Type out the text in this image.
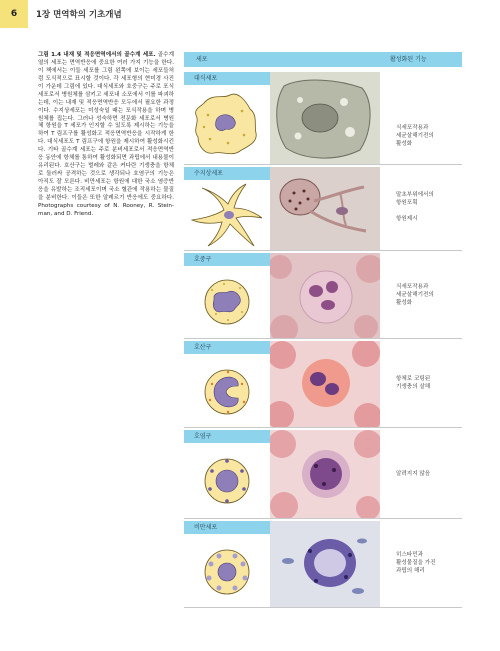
6	1장 면역학의 기초개념
그림 1.4 내재 및 적응면역에서의 골수계 세포. 골수계열의 세포는 면역반응에 중요한 여러 가지 기능을 한다. 이 책에서는 이들 세포를 그림 왼쪽에 보이는 세포들처럼 도식적으로 표시할 것이다. 각 세포형의 현미경 사진이 가운데 그림에 있다. 대식세포와 호중구는 주로 포식세포로서 병원체를 삼키고 세포내 소포에서 이를 파괴하는데, 이는 내재 및 적응면역반응 모두에서 필요한 과정이다. 수지상세포는 미성숙일 때는 포식작용을 하며 병원체를 집는다. 그러나 성숙하면 전문화 세포로서 병원체 항원을 T 세포가 인지할 수 있도록 제시하는 기능을 하여 T 림프구를 활성화고 적응면역반응을 시작하게 한다. 대식세포도 T 림프구에 항원을 제시하여 활성화시킨다. 기타 골수계 세포는 주로 분비세포로서 적응면역반응 동안에 항체를 통하여 활성화되면 과립에서 내용물이 유리된다. 호산구는 벌레와 같은 커다란 기생충을 항체로 둘러싸 공격하는 것으로 생각되나 호염구의 기능은 아직도 잘 모른다. 비만세포는 항원에 대한 국소 염증반응을 유발하는 조직세포이며 국소 혈관에 작용하는 물질을 분비한다. 이들은 또한 알레르기 반응에도 중요하다. Photographs courtesy of N. Rooney, R. Stein-man, and D. Friend.
세포	활성화된 기능
대식세포

식세포작용과
세균살해기전의
활성화

수지상세포

말초부위에서의
항원포획

항원제시

호중구

식세포작용과
세균살해기전의
활성화

호산구

항체로 코팅된
기생충의 살해

호염구

알려지지 않음

비만세포

히스타민과
활성물질을 가진
과립의 해리
